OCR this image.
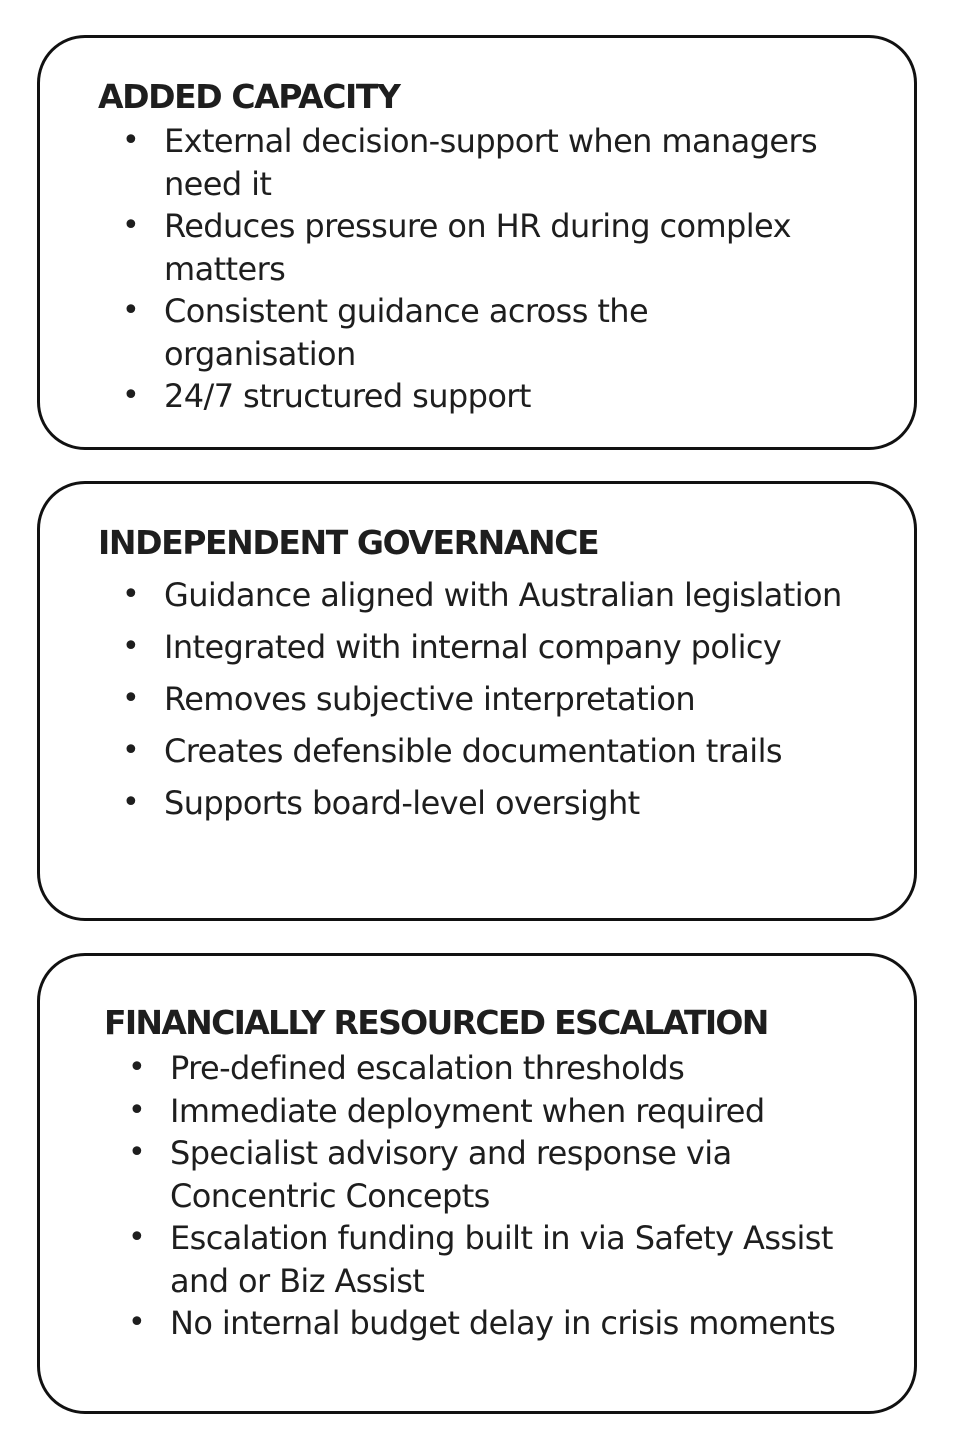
ADDED CAPACITY
• External decision-support when managers need it
• Reduces pressure on HR during complex matters
• Consistent guidance across the organisation
• 24/7 structured support
INDEPENDENT GOVERNANCE
• Guidance aligned with Australian legislation
• Integrated with internal company policy
• Removes subjective interpretation
• Creates defensible documentation trails
• Supports board-level oversight
FINANCIALLY RESOURCED ESCALATION
• Pre-defined escalation thresholds
• Immediate deployment when required
• Specialist advisory and response via Concentric Concepts
• Escalation funding built in via Safety Assist and or Biz Assist
• No internal budget delay in crisis moments
